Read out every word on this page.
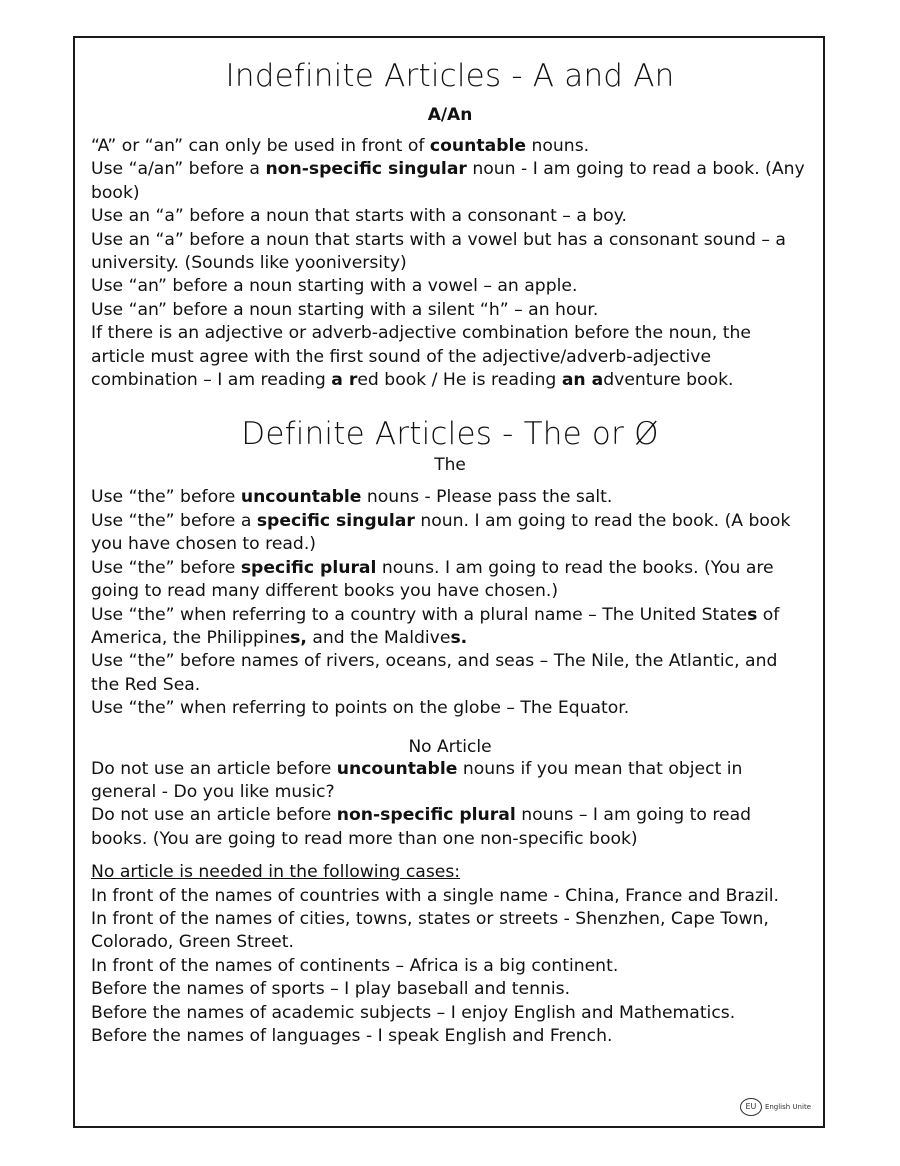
Indefinite Articles - A and An

A/An

“A” or “an” can only be used in front of countable nouns.

Use “a/an” before a non-specific singular noun - I am going to read a book. (Any book)

Use an “a” before a noun that starts with a consonant – a boy.

Use an “a” before a noun that starts with a vowel but has a consonant sound – a university. (Sounds like yooniversity)

Use “an” before a noun starting with a vowel – an apple.

Use “an” before a noun starting with a silent “h” – an hour.

If there is an adjective or adverb-adjective combination before the noun, the article must agree with the first sound of the adjective/adverb-adjective combination – I am reading a red book / He is reading an adventure book.

Definite Articles - The or Ø

The

Use “the” before uncountable nouns - Please pass the salt.

Use “the” before a specific singular noun. I am going to read the book. (A book you have chosen to read.)

Use “the” before specific plural nouns. I am going to read the books. (You are going to read many different books you have chosen.)

Use “the” when referring to a country with a plural name – The United States of America, the Philippines, and the Maldives.

Use “the” before names of rivers, oceans, and seas – The Nile, the Atlantic, and the Red Sea.

Use “the” when referring to points on the globe – The Equator.

No Article

Do not use an article before uncountable nouns if you mean that object in general - Do you like music?

Do not use an article before non-specific plural nouns – I am going to read books. (You are going to read more than one non-specific book)

No article is needed in the following cases:

In front of the names of countries with a single name - China, France and Brazil.

In front of the names of cities, towns, states or streets - Shenzhen, Cape Town, Colorado, Green Street.

In front of the names of continents – Africa is a big continent.

Before the names of sports – I play baseball and tennis.

Before the names of academic subjects – I enjoy English and Mathematics.

Before the names of languages - I speak English and French.

EU	English Unite
